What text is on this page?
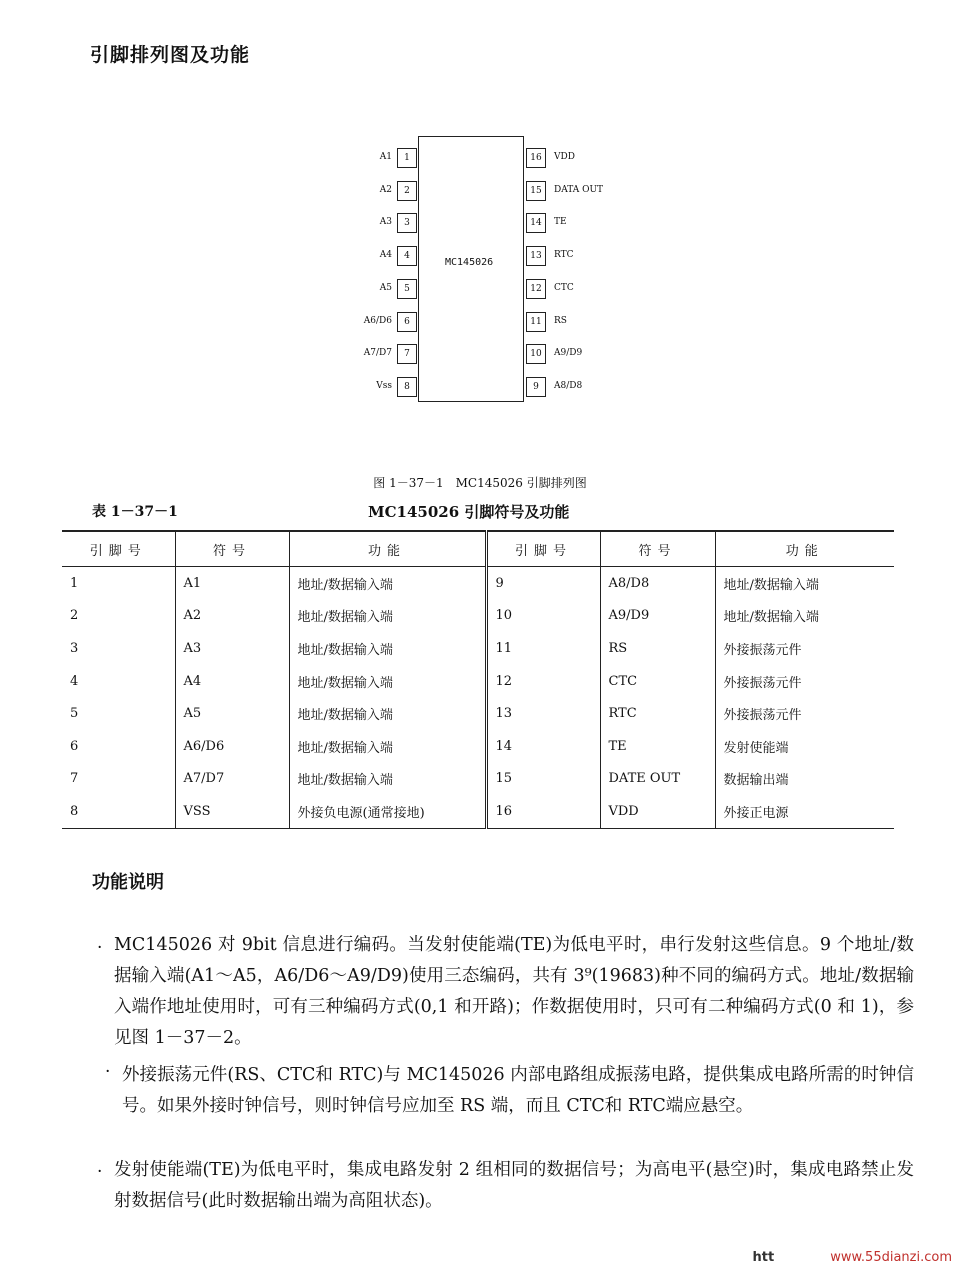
引脚排列图及功能
MC145026
1
A1
2
A2
3
A3
4
A4
5
A5
6
A6/D6
7
A7/D7
8
Vss
16	VDD
15	DATA OUT
14	TE
13	RTC
12	CTC
11	RS
10	A9/D9
9	A8/D8
图 1－37－1　MC145026 引脚排列图
表 1－37－1	MC145026 引脚符号及功能
引脚号	符号	功能	引脚号	符号	功能
1	A1	地址/数据输入端	9	A8/D8	地址/数据输入端
2	A2	地址/数据输入端	10	A9/D9	地址/数据输入端
3	A3	地址/数据输入端	11	RS	外接振荡元件
4	A4	地址/数据输入端	12	CTC	外接振荡元件
5	A5	地址/数据输入端	13	RTC	外接振荡元件
6	A6/D6	地址/数据输入端	14	TE	发射使能端
7	A7/D7	地址/数据输入端	15	DATE OUT	数据输出端
8	VSS	外接负电源(通常接地)	16	VDD	外接正电源
功能说明
· MC145026 对 9bit 信息进行编码。当发射使能端(TE)为低电平时，串行发射这些信息。9 个地址/数据输入端(A1～A5，A6/D6～A9/D9)使用三态编码，共有 3⁹(19683)种不同的编码方式。地址/数据输入端作地址使用时，可有三种编码方式(0,1 和开路)；作数据使用时，只可有二种编码方式(0 和 1)，参见图 1－37－2。
· 外接振荡元件(RS、CTC和 RTC)与 MC145026 内部电路组成振荡电路，提供集成电路所需的时钟信号。如果外接时钟信号，则时钟信号应加至 RS 端，而且 CTC和 RTC端应悬空。
· 发射使能端(TE)为低电平时，集成电路发射 2 组相同的数据信号；为高电平(悬空)时，集成电路禁止发射数据信号(此时数据输出端为高阻状态)。
htt	www.55dianzi.com
